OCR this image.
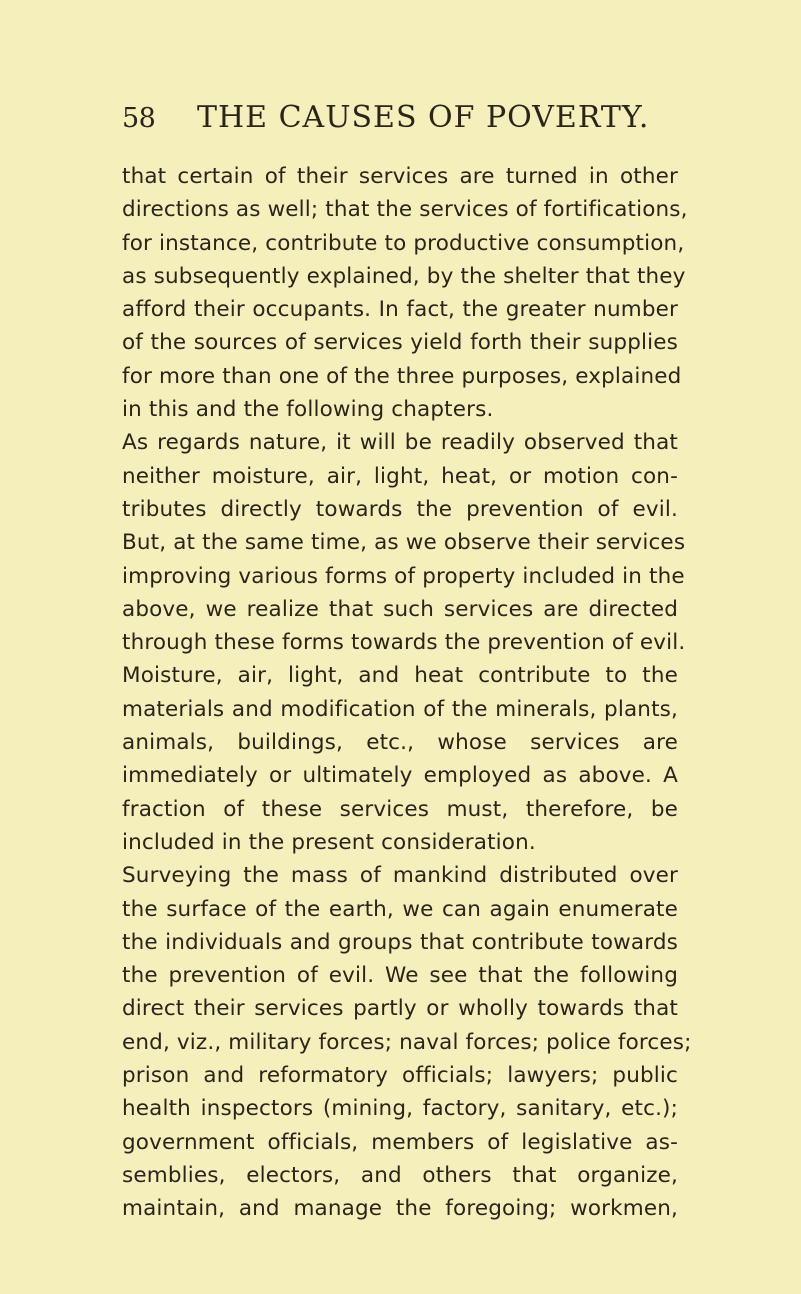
58 THE CAUSES OF POVERTY.
that certain of their services are turned in other
directions as well; that the services of fortifications,
for instance, contribute to productive consumption,
as subsequently explained, by the shelter that they
afford their occupants. In fact, the greater number
of the sources of services yield forth their supplies
for more than one of the three purposes, explained
in this and the following chapters.
As regards nature, it will be readily observed that
neither moisture, air, light, heat, or motion con-
tributes directly towards the prevention of evil.
But, at the same time, as we observe their services
improving various forms of property included in the
above, we realize that such services are directed
through these forms towards the prevention of evil.
Moisture, air, light, and heat contribute to the
materials and modification of the minerals, plants,
animals, buildings, etc., whose services are
immediately or ultimately employed as above. A
fraction of these services must, therefore, be
included in the present consideration.
Surveying the mass of mankind distributed over
the surface of the earth, we can again enumerate
the individuals and groups that contribute towards
the prevention of evil. We see that the following
direct their services partly or wholly towards that
end, viz., military forces; naval forces; police forces;
prison and reformatory officials; lawyers; public
health inspectors (mining, factory, sanitary, etc.);
government officials, members of legislative as-
semblies, electors, and others that organize,
maintain, and manage the foregoing; workmen,
